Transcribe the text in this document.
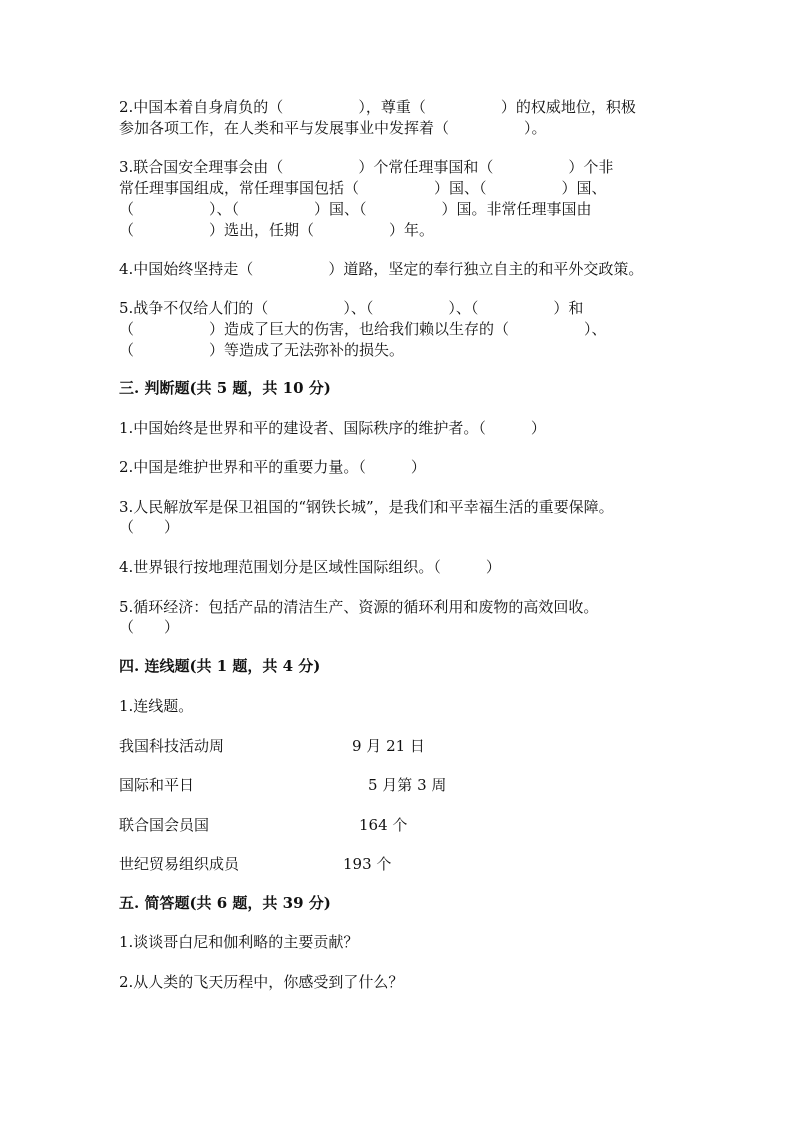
2.中国本着自身肩负的（　　　　　），尊重（　　　　　）的权威地位，积极
参加各项工作，在人类和平与发展事业中发挥着（　　　　　）。
3.联合国安全理事会由（　　　　　）个常任理事国和（　　　　　）个非
常任理事国组成，常任理事国包括（　　　　　）国、（　　　　　）国、
（　　　　　）、（　　　　　）国、（　　　　　）国。非常任理事国由
（　　　　　）选出，任期（　　　　　）年。
4.中国始终坚持走（　　　　　）道路，坚定的奉行独立自主的和平外交政策。
5.战争不仅给人们的（　　　　　）、（　　　　　）、（　　　　　）和
（　　　　　）造成了巨大的伤害，也给我们赖以生存的（　　　　　）、
（　　　　　）等造成了无法弥补的损失。
三. 判断题(共 5 题，共 10 分)
1.中国始终是世界和平的建设者、国际秩序的维护者。（　　　）
2.中国是维护世界和平的重要力量。（　　　）
3.人民解放军是保卫祖国的“钢铁长城”，是我们和平幸福生活的重要保障。
（　　）
4.世界银行按地理范围划分是区域性国际组织。（　　　）
5.循环经济：包括产品的清洁生产、资源的循环利用和废物的高效回收。
（　　）
四. 连线题(共 1 题，共 4 分)
1.连线题。
我国科技活动周	9 月 21 日
国际和平日	5 月第 3 周
联合国会员国	164 个
世纪贸易组织成员	193 个
五. 简答题(共 6 题，共 39 分)
1.谈谈哥白尼和伽利略的主要贡献？
2.从人类的飞天历程中，你感受到了什么？
